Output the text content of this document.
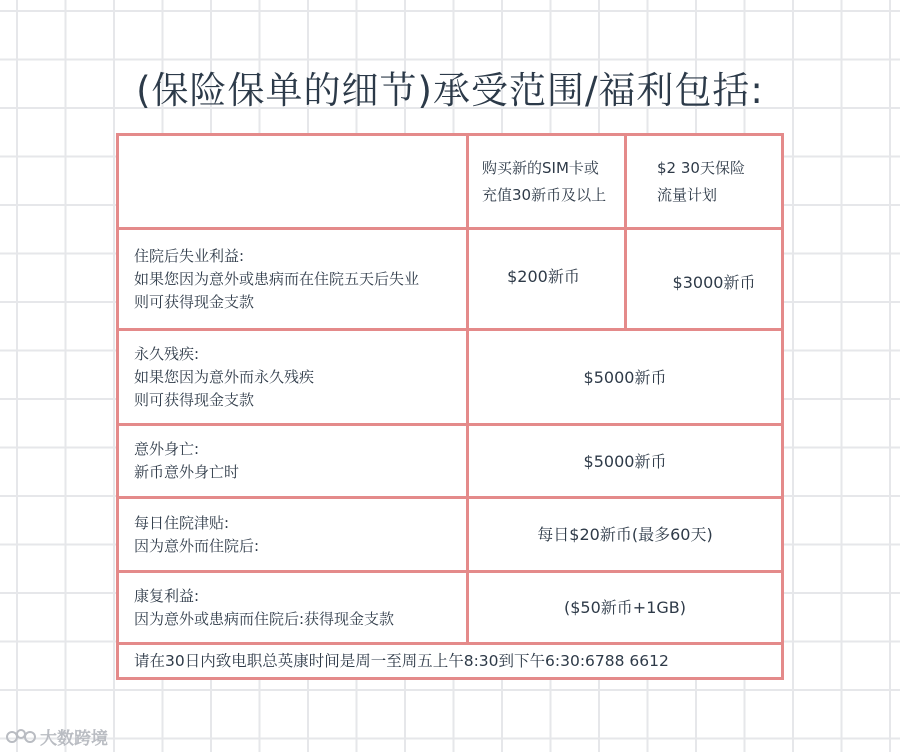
(保险保单的细节)承受范围/福利包括:
购买新的SIM卡或
充值30新币及以上
$2 30天保险
流量计划
住院后失业利益:
如果您因为意外或患病而在住院五天后失业
则可获得现金支款
$200新币	$3000新币
永久残疾:
如果您因为意外而永久残疾
则可获得现金支款
$5000新币
意外身亡:
新币意外身亡时
$5000新币
每日住院津贴:
因为意外而住院后:
每日$20新币(最多60天)
康复利益:
因为意外或患病而住院后:获得现金支款
($50新币+1GB)
请在30日内致电职总英康时间是周一至周五上午8:30到下午6:30:6788 6612
大数跨境
